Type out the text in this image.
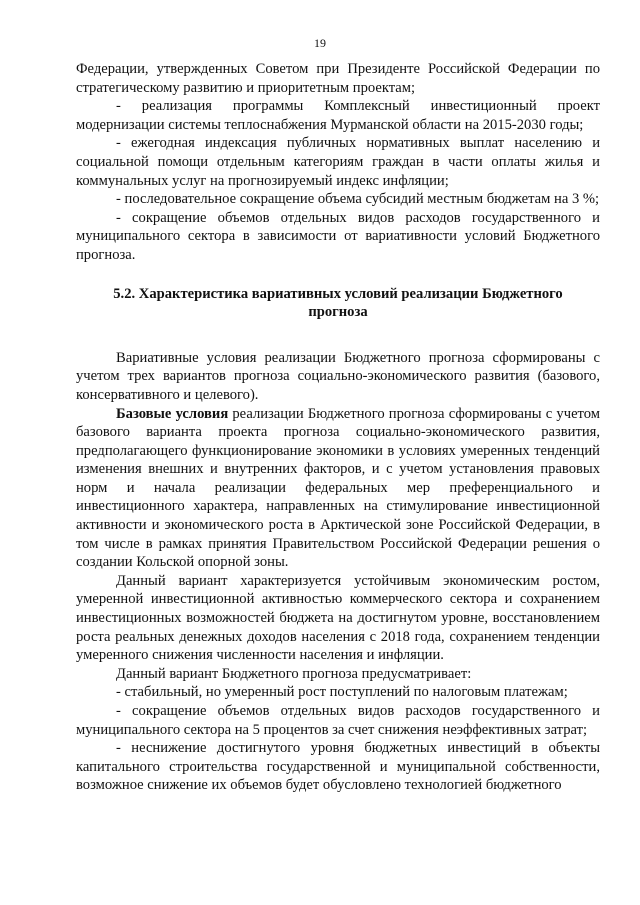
19

Федерации, утвержденных Советом при Президенте Российской Федерации по стратегическому развитию и приоритетным проектам;

- реализация программы Комплексный инвестиционный проект модернизации системы теплоснабжения Мурманской области на 2015-2030 годы;

- ежегодная индексация публичных нормативных выплат населению и социальной помощи отдельным категориям граждан в части оплаты жилья и коммунальных услуг на прогнозируемый индекс инфляции;

- последовательное сокращение объема субсидий местным бюджетам на 3 %;

- сокращение объемов отдельных видов расходов государственного и муниципального сектора в зависимости от вариативности условий Бюджетного прогноза.

5.2. Характеристика вариативных условий реализации Бюджетного прогноза

Вариативные условия реализации Бюджетного прогноза сформированы с учетом трех вариантов прогноза социально-экономического развития (базового, консервативного и целевого).

Базовые условия реализации Бюджетного прогноза сформированы с учетом базового варианта проекта прогноза социально-экономического развития, предполагающего функционирование экономики в условиях умеренных тенденций изменения внешних и внутренних факторов, и с учетом установления правовых норм и начала реализации федеральных мер преференциального и инвестиционного характера, направленных на стимулирование инвестиционной активности и экономического роста в Арктической зоне Российской Федерации, в том числе в рамках принятия Правительством Российской Федерации решения о создании Кольской опорной зоны.

Данный вариант характеризуется устойчивым экономическим ростом, умеренной инвестиционной активностью коммерческого сектора и сохранением инвестиционных возможностей бюджета на достигнутом уровне, восстановлением роста реальных денежных доходов населения с 2018 года, сохранением тенденции умеренного снижения численности населения и инфляции.

Данный вариант Бюджетного прогноза предусматривает:

- стабильный, но умеренный рост поступлений по налоговым платежам;

- сокращение объемов отдельных видов расходов государственного и муниципального сектора на 5 процентов за счет снижения неэффективных затрат;

- неснижение достигнутого уровня бюджетных инвестиций в объекты капитального строительства государственной и муниципальной собственности, возможное снижение их объемов будет обусловлено технологией бюджетного
